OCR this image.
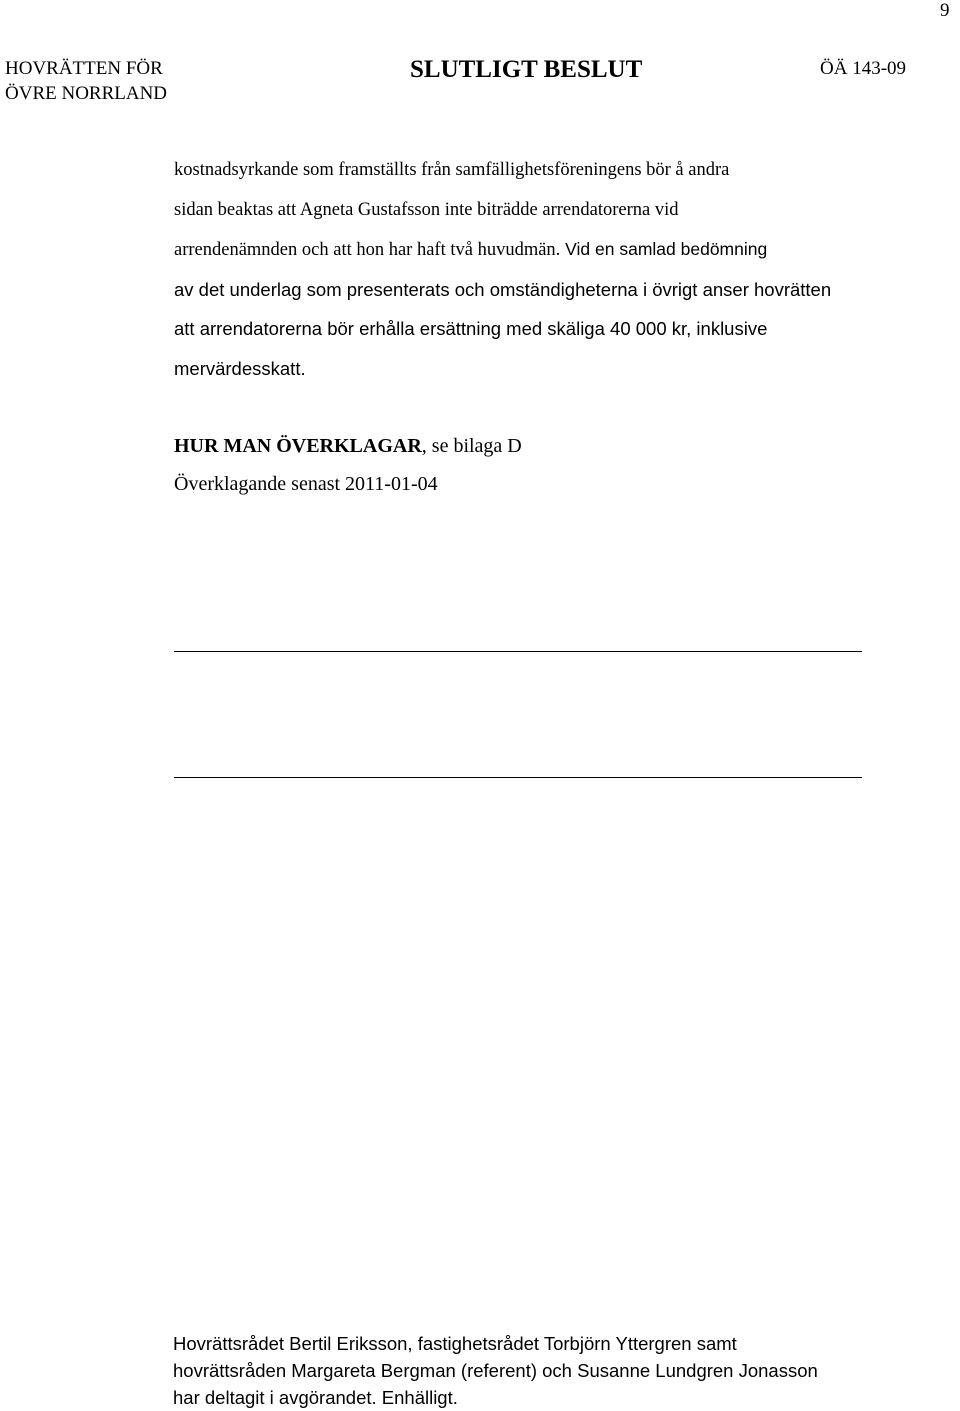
9
HOVRÄTTEN FÖR
ÖVRE NORRLAND
SLUTLIGT BESLUT	ÖÄ 143-09

kostnadsyrkande som framställts från samfällighetsföreningens bör å andra
sidan beaktas att Agneta Gustafsson inte biträdde arrendatorerna vid
arrendenämnden och att hon har haft två huvudmän. Vid en samlad bedömning
av det underlag som presenterats och omständigheterna i övrigt anser hovrätten
att arrendatorerna bör erhålla ersättning med skäliga 40 000 kr, inklusive
mervärdesskatt.

HUR MAN ÖVERKLAGAR, se bilaga D
Överklagande senast 2011-01-04

Hovrättsrådet Bertil Eriksson, fastighetsrådet Torbjörn Yttergren samt
hovrättsråden Margareta Bergman (referent) och Susanne Lundgren Jonasson
har deltagit i avgörandet. Enhälligt.
